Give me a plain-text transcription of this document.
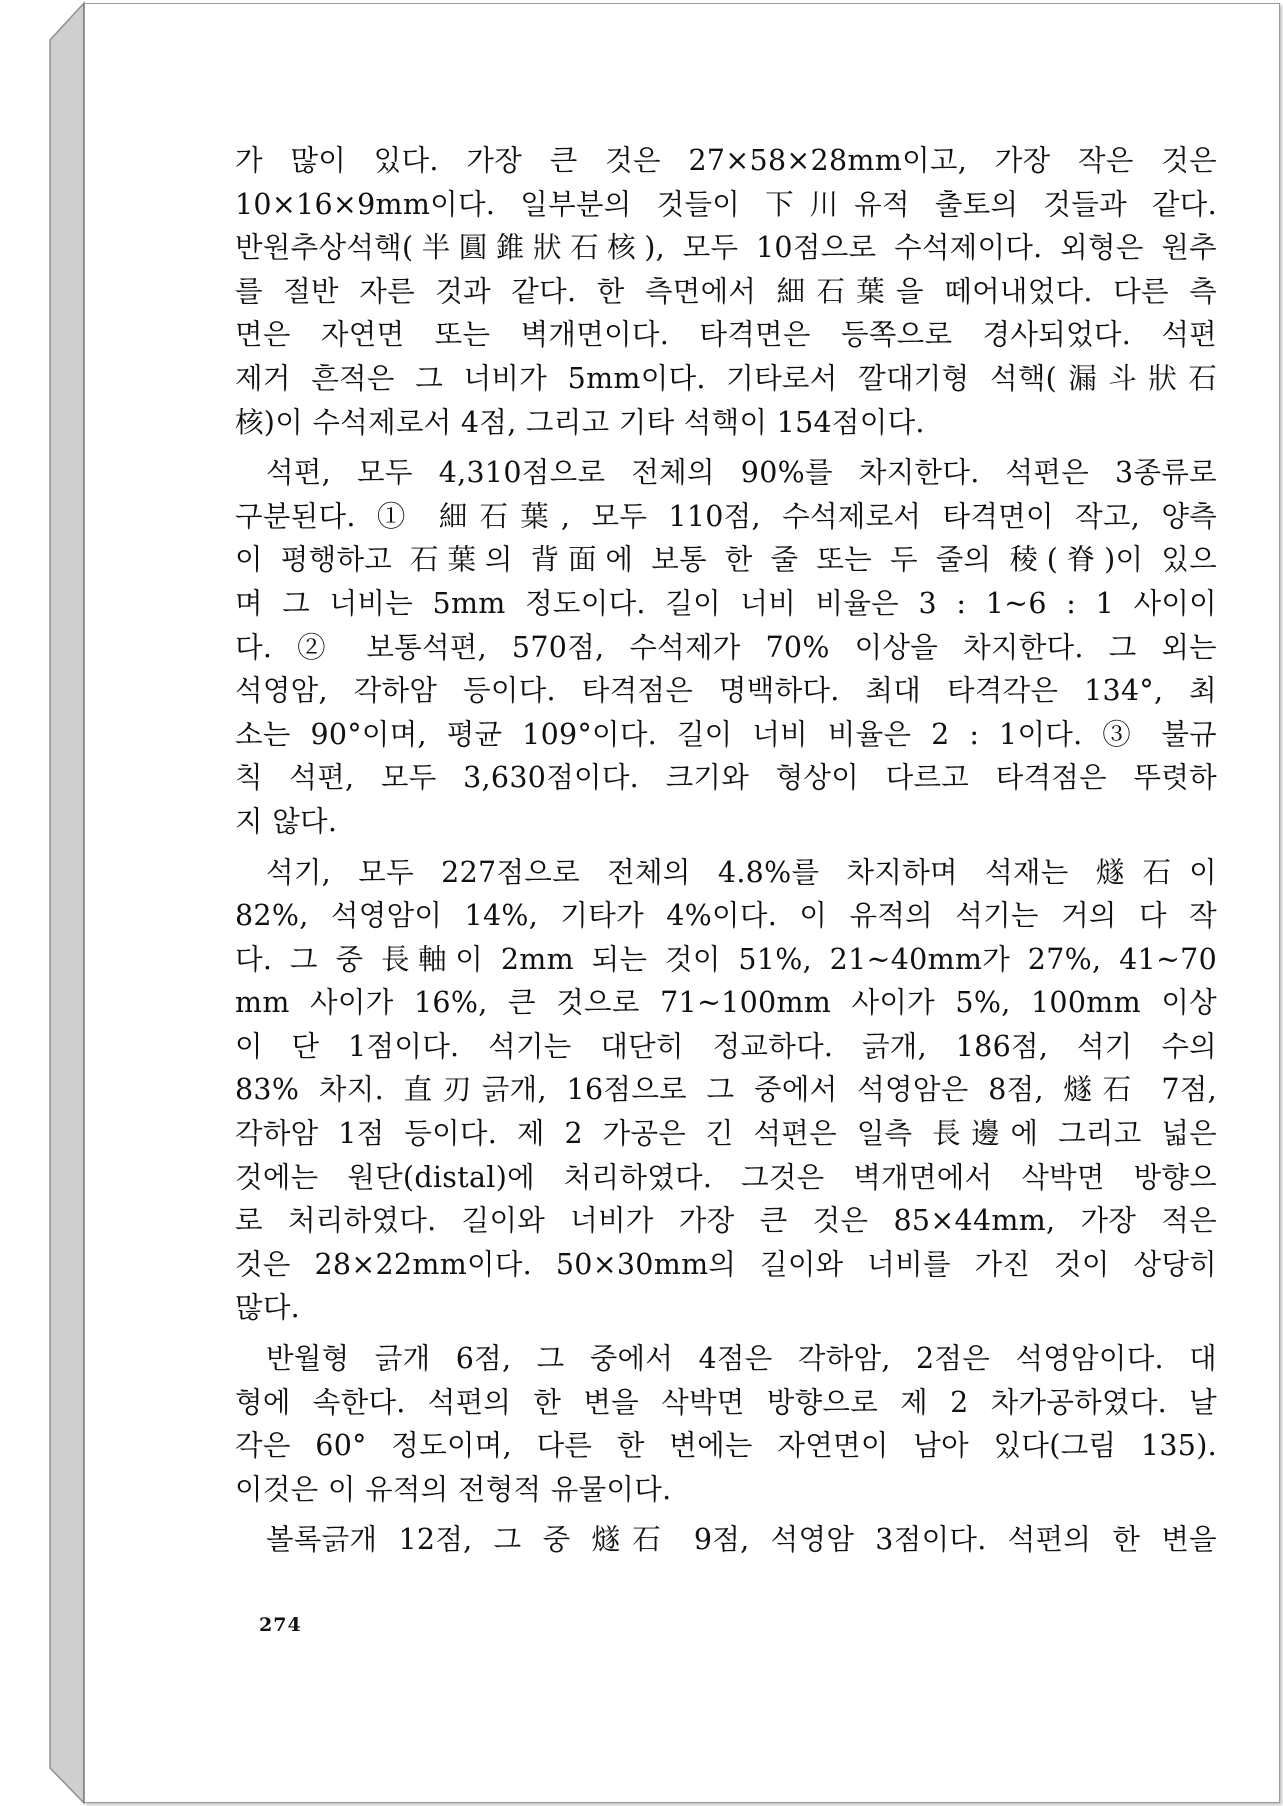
가 많이 있다. 가장 큰 것은 27×58×28mm이고, 가장 작은 것은

10×16×9mm이다. 일부분의 것들이 下川유적 출토의 것들과 같다.

반원추상석핵(半圓錐狀石核), 모두 10점으로 수석제이다. 외형은 원추

를 절반 자른 것과 같다. 한 측면에서 細石葉을 떼어내었다. 다른 측

면은 자연면 또는 벽개면이다. 타격면은 등쪽으로 경사되었다. 석편

제거 흔적은 그 너비가 5mm이다. 기타로서 깔대기형 석핵(漏斗狀石

核)이 수석제로서 4점, 그리고 기타 석핵이 154점이다.

석편, 모두 4,310점으로 전체의 90%를 차지한다. 석편은 3종류로

구분된다. ① 細石葉, 모두 110점, 수석제로서 타격면이 작고, 양측

이 평행하고 石葉의 背面에 보통 한 줄 또는 두 줄의 稜(脊)이 있으

며 그 너비는 5mm 정도이다. 길이 너비 비율은 3 : 1~6 : 1 사이이

다. ② 보통석편, 570점, 수석제가 70% 이상을 차지한다. 그 외는

석영암, 각하암 등이다. 타격점은 명백하다. 최대 타격각은 134°, 최

소는 90°이며, 평균 109°이다. 길이 너비 비율은 2 : 1이다. ③ 불규

칙 석편, 모두 3,630점이다. 크기와 형상이 다르고 타격점은 뚜렷하

지 않다.

석기, 모두 227점으로 전체의 4.8%를 차지하며 석재는 燧石이

82%, 석영암이 14%, 기타가 4%이다. 이 유적의 석기는 거의 다 작

다. 그 중 長軸이 2mm 되는 것이 51%, 21~40mm가 27%, 41~70

mm 사이가 16%, 큰 것으로 71~100mm 사이가 5%, 100mm 이상

이 단 1점이다. 석기는 대단히 정교하다. 긁개, 186점, 석기 수의

83% 차지. 直刃긁개, 16점으로 그 중에서 석영암은 8점, 燧石 7점,

각하암 1점 등이다. 제 2 가공은 긴 석편은 일측 長邊에 그리고 넓은

것에는 원단(distal)에 처리하였다. 그것은 벽개면에서 삭박면 방향으

로 처리하였다. 길이와 너비가 가장 큰 것은 85×44mm, 가장 적은

것은 28×22mm이다. 50×30mm의 길이와 너비를 가진 것이 상당히

많다.

반월형 긁개 6점, 그 중에서 4점은 각하암, 2점은 석영암이다. 대

형에 속한다. 석편의 한 변을 삭박면 방향으로 제 2 차가공하였다. 날

각은 60° 정도이며, 다른 한 변에는 자연면이 남아 있다(그림 135).

이것은 이 유적의 전형적 유물이다.

볼록긁개 12점, 그 중 燧石 9점, 석영암 3점이다. 석편의 한 변을

274
